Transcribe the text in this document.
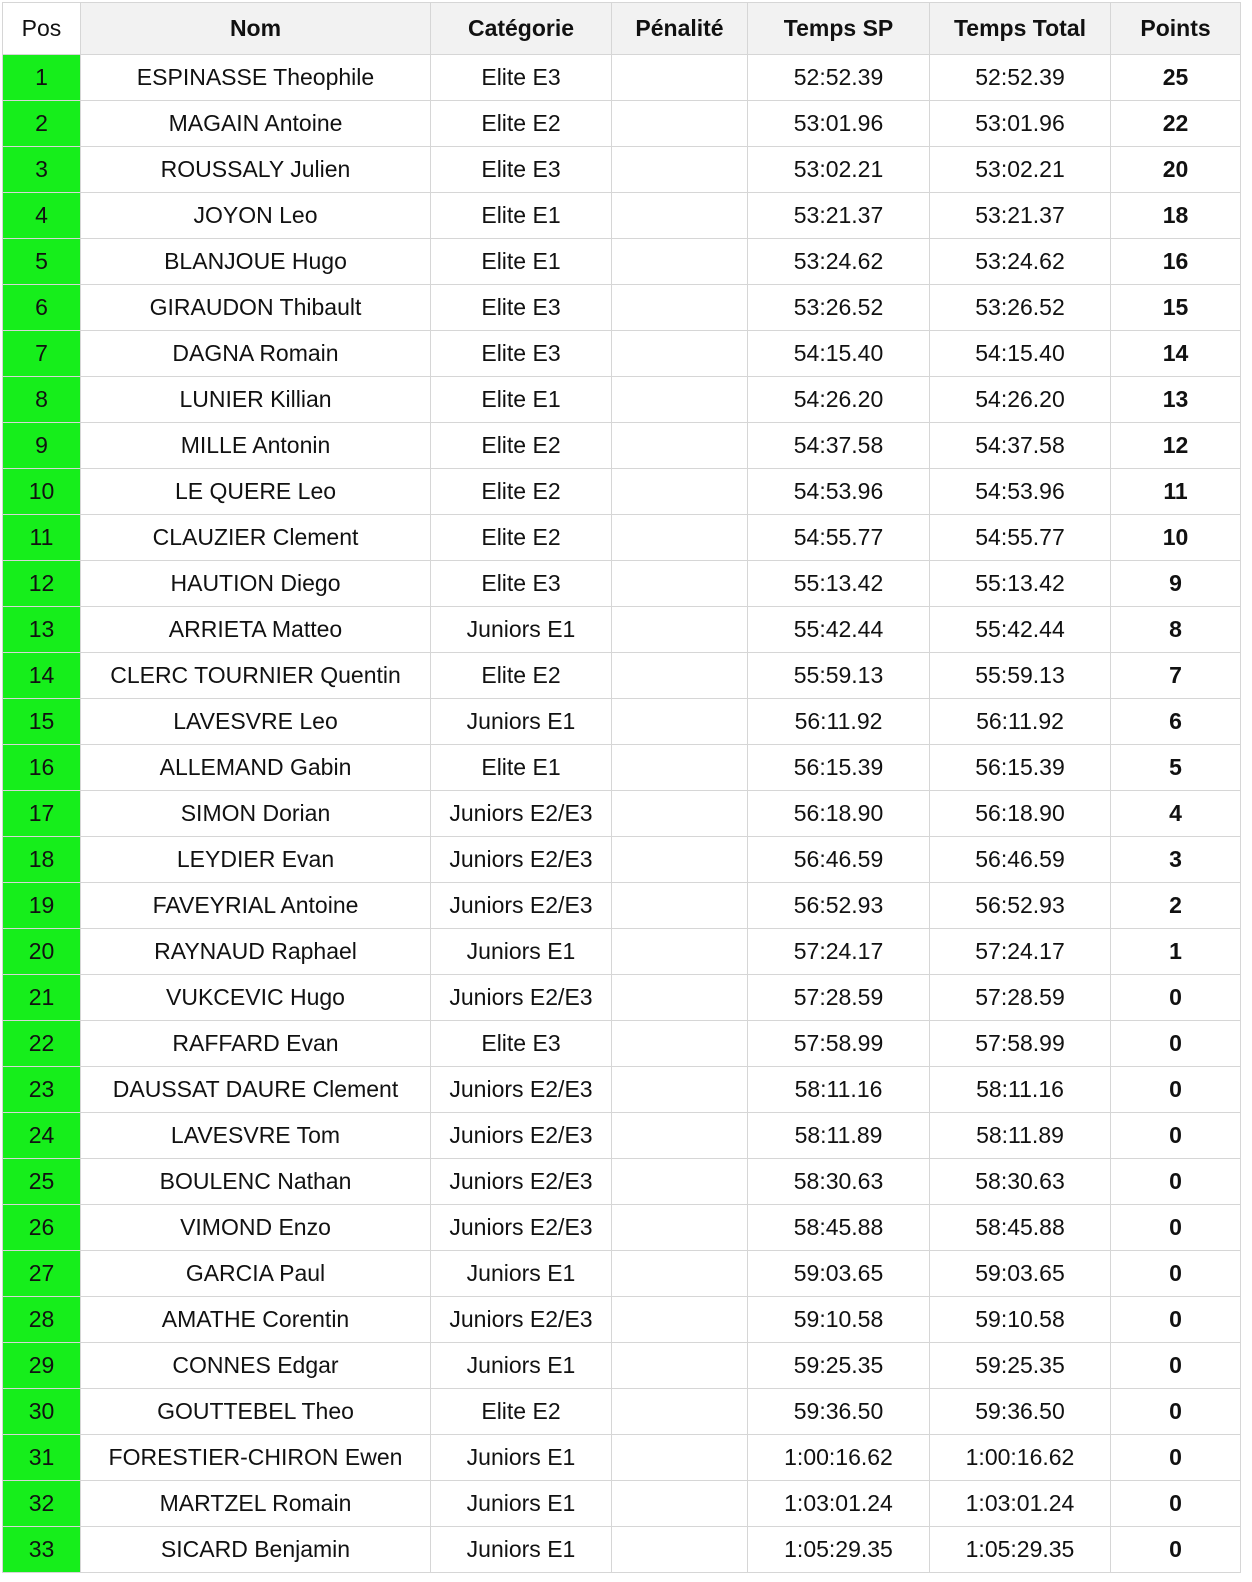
Pos	Nom	Catégorie	Pénalité	Temps SP	Temps Total	Points
1	ESPINASSE Theophile	Elite E3		52:52.39	52:52.39	25
2	MAGAIN Antoine	Elite E2		53:01.96	53:01.96	22
3	ROUSSALY Julien	Elite E3		53:02.21	53:02.21	20
4	JOYON Leo	Elite E1		53:21.37	53:21.37	18
5	BLANJOUE Hugo	Elite E1		53:24.62	53:24.62	16
6	GIRAUDON Thibault	Elite E3		53:26.52	53:26.52	15
7	DAGNA Romain	Elite E3		54:15.40	54:15.40	14
8	LUNIER Killian	Elite E1		54:26.20	54:26.20	13
9	MILLE Antonin	Elite E2		54:37.58	54:37.58	12
10	LE QUERE Leo	Elite E2		54:53.96	54:53.96	11
11	CLAUZIER Clement	Elite E2		54:55.77	54:55.77	10
12	HAUTION Diego	Elite E3		55:13.42	55:13.42	9
13	ARRIETA Matteo	Juniors E1		55:42.44	55:42.44	8
14	CLERC TOURNIER Quentin	Elite E2		55:59.13	55:59.13	7
15	LAVESVRE Leo	Juniors E1		56:11.92	56:11.92	6
16	ALLEMAND Gabin	Elite E1		56:15.39	56:15.39	5
17	SIMON Dorian	Juniors E2/E3		56:18.90	56:18.90	4
18	LEYDIER Evan	Juniors E2/E3		56:46.59	56:46.59	3
19	FAVEYRIAL Antoine	Juniors E2/E3		56:52.93	56:52.93	2
20	RAYNAUD Raphael	Juniors E1		57:24.17	57:24.17	1
21	VUKCEVIC Hugo	Juniors E2/E3		57:28.59	57:28.59	0
22	RAFFARD Evan	Elite E3		57:58.99	57:58.99	0
23	DAUSSAT DAURE Clement	Juniors E2/E3		58:11.16	58:11.16	0
24	LAVESVRE Tom	Juniors E2/E3		58:11.89	58:11.89	0
25	BOULENC Nathan	Juniors E2/E3		58:30.63	58:30.63	0
26	VIMOND Enzo	Juniors E2/E3		58:45.88	58:45.88	0
27	GARCIA Paul	Juniors E1		59:03.65	59:03.65	0
28	AMATHE Corentin	Juniors E2/E3		59:10.58	59:10.58	0
29	CONNES Edgar	Juniors E1		59:25.35	59:25.35	0
30	GOUTTEBEL Theo	Elite E2		59:36.50	59:36.50	0
31	FORESTIER-CHIRON Ewen	Juniors E1		1:00:16.62	1:00:16.62	0
32	MARTZEL Romain	Juniors E1		1:03:01.24	1:03:01.24	0
33	SICARD Benjamin	Juniors E1		1:05:29.35	1:05:29.35	0
